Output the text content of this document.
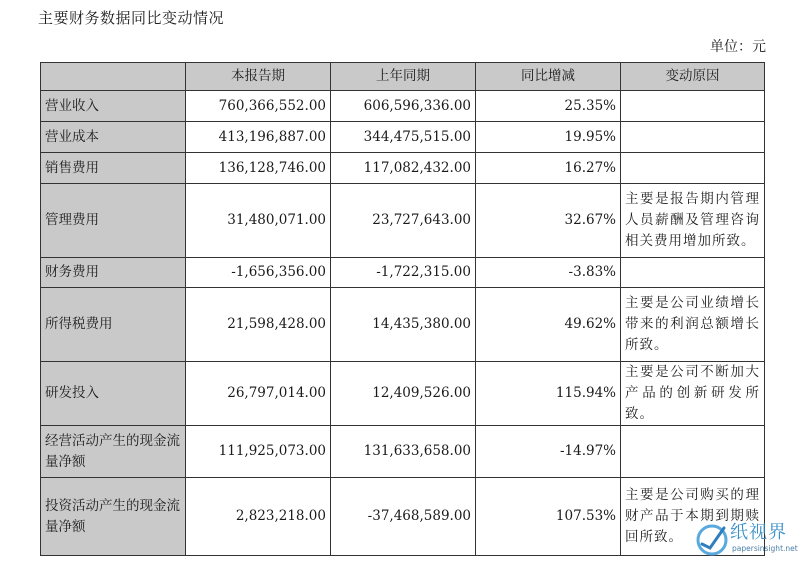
主要财务数据同比变动情况
单位：元
	本报告期	上年同期	同比增减	变动原因
营业收入	760,366,552.00	606,596,336.00	25.35%	
营业成本	413,196,887.00	344,475,515.00	19.95%	
销售费用	136,128,746.00	117,082,432.00	16.27%	
管理费用	31,480,071.00	23,727,643.00	32.67%	主要是报告期内管理人员薪酬及管理咨询相关费用增加所致。
财务费用	-1,656,356.00	-1,722,315.00	-3.83%	
所得税费用	21,598,428.00	14,435,380.00	49.62%	主要是公司业绩增长带来的利润总额增长所致。
研发投入	26,797,014.00	12,409,526.00	115.94%	主要是公司不断加大产品的创新研发所致。
经营活动产生的现金流量净额	111,925,073.00	131,633,658.00	-14.97%	
投资活动产生的现金流量净额	2,823,218.00	-37,468,589.00	107.53%	主要是公司购买的理财产品于本期到期赎回所致。	纸视界
papersinsight.net
